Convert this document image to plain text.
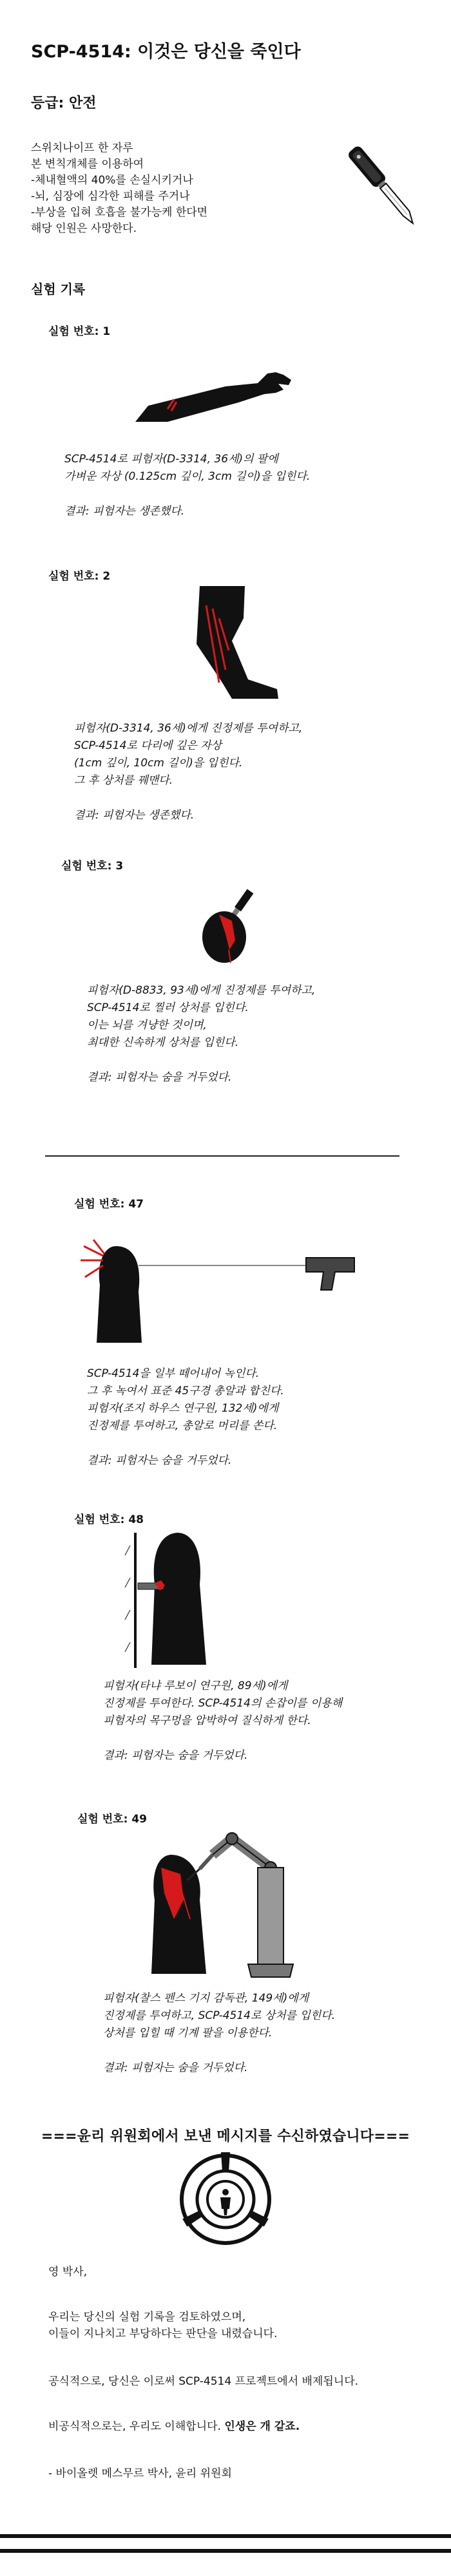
SCP-4514: 이것은 당신을 죽인다
등급: 안전
스위치나이프 한 자루
본 변칙개체를 이용하여
-체내혈액의 40%를 손실시키거나
-뇌, 심장에 심각한 피해를 주거나
-부상을 입혀 호흡을 불가능케 한다면
해당 인원은 사망한다.
실험 기록
실험 번호: 1
SCP-4514로 피험자(D-3314, 36세)의 팔에
가벼운 자상 (0.125cm 깊이, 3cm 길이)을 입힌다.
결과: 피험자는 생존했다.
실험 번호: 2
피험자(D-3314, 36세)에게 진정제를 투여하고,
SCP-4514로 다리에 깊은 자상
(1cm 깊이, 10cm 길이)을 입힌다.
그 후 상처를 꿰맨다.
결과: 피험자는 생존했다.
실험 번호: 3
피험자(D-8833, 93세)에게 진정제를 투여하고,
SCP-4514로 찔러 상처를 입힌다.
이는 뇌를 겨냥한 것이며,
최대한 신속하게 상처를 입힌다.
결과: 피험자는 숨을 거두었다.
실험 번호: 47
SCP-4514을 일부 떼어내어 녹인다.
그 후 녹여서 표준 45구경 총알과 합친다.
피험자(조지 하우스 연구원, 132세)에게
진정제를 투여하고, 총알로 머리를 쏜다.
결과: 피험자는 숨을 거두었다.
실험 번호: 48
피험자(타냐 루보이 연구원, 89세)에게
진정제를 투여한다. SCP-4514의 손잡이를 이용해
피험자의 목구멍을 압박하여 질식하게 한다.
결과: 피험자는 숨을 거두었다.
실험 번호: 49
피험자(찰스 펜스 기지 감독관, 149세)에게
진정제를 투여하고, SCP-4514로 상처를 입힌다.
상처를 입힐 때 기계 팔을 이용한다.
결과: 피험자는 숨을 거두었다.
===윤리 위원회에서 보낸 메시지를 수신하였습니다===
영 박사,
우리는 당신의 실험 기록을 검토하였으며,
이들이 지나치고 부당하다는 판단을 내렸습니다.
공식적으로, 당신은 이로써 SCP-4514 프로젝트에서 배제됩니다.
비공식적으로는, 우리도 이해합니다. 인생은 개 같죠.
- 바이올렛 메스무르 박사, 윤리 위원회
